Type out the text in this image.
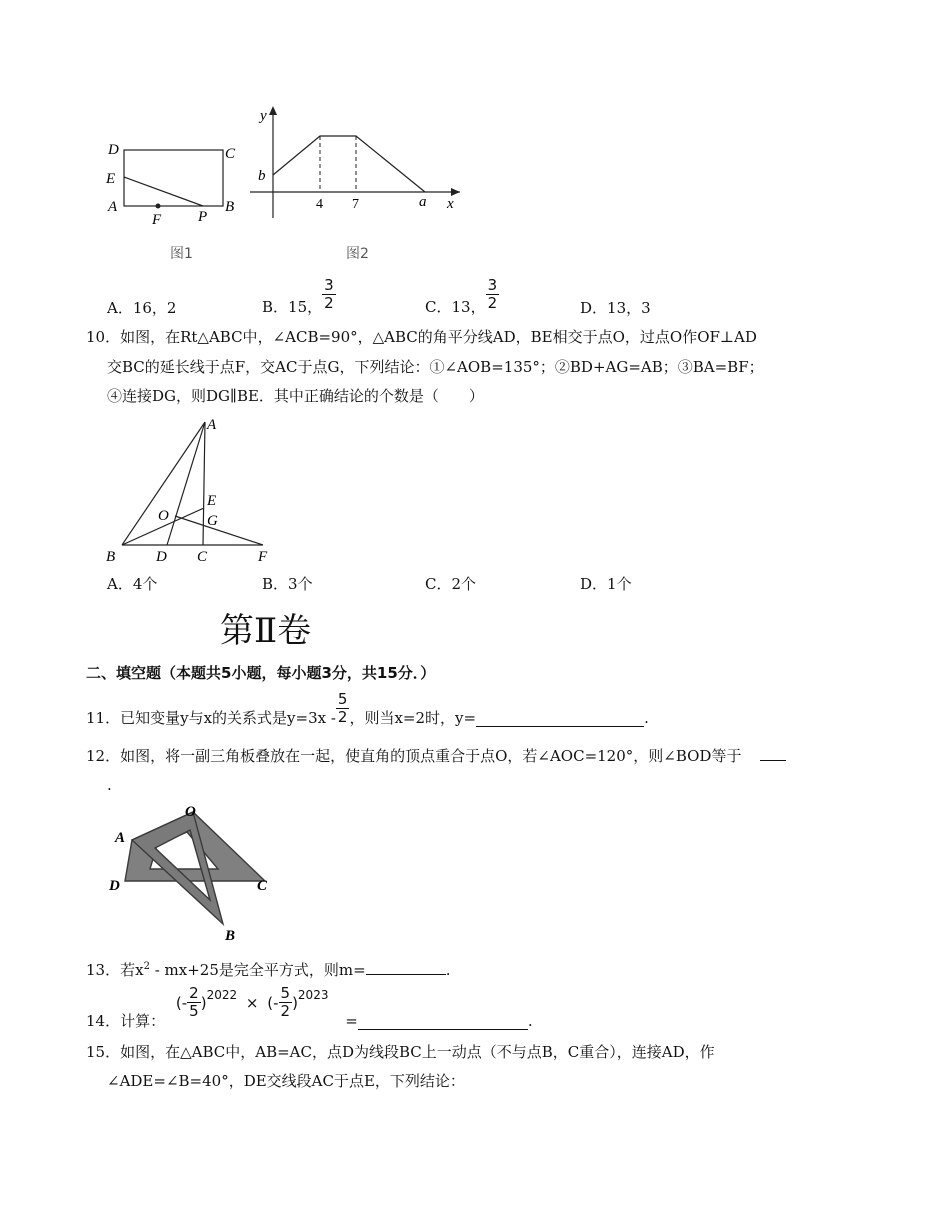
D	C
E
A
F P
B
y
x
b
4 7	a
图1	图2
A．16，2	B．15， $\frac{3}{2}$	C．13， $\frac{3}{2}$	D．13，3
10．如图，在Rt△ABC中，∠ACB=90°，△ABC的角平分线AD，BE相交于点O，过点O作OF⊥AD
交BC的延长线于点F，交AC于点G，下列结论：①∠AOB=135°；②BD+AG=AB；③BA=BF；
④连接DG，则DG∥BE．其中正确结论的个数是（　　）
A
E
O	G
B	D C	F
A．4个	B．3个	C．2个	D．1个
第Ⅱ卷
二、填空题（本题共5小题，每小题3分，共15分．）
11．已知变量y与x的关系式是$y=3x - \frac{5}{2}$ ，则当x=2时，y=	.
12．如图，将一副三角板叠放在一起，使直角的顶点重合于点O，若∠AOC=120°，则∠BOD等于
.
O
A
D	C
B
13．若$x^2 - mx+25$是完全平方式，则m=	.
14．计算： (- $\frac{2}{5} )^{2022}$ × (- $\frac{5}{2} )^{2023}$ =	.
15．如图，在△ABC中，AB=AC，点D为线段BC上一动点（不与点B，C重合），连接AD，作
∠ADE=∠B=40°，DE交线段AC于点E，下列结论：
